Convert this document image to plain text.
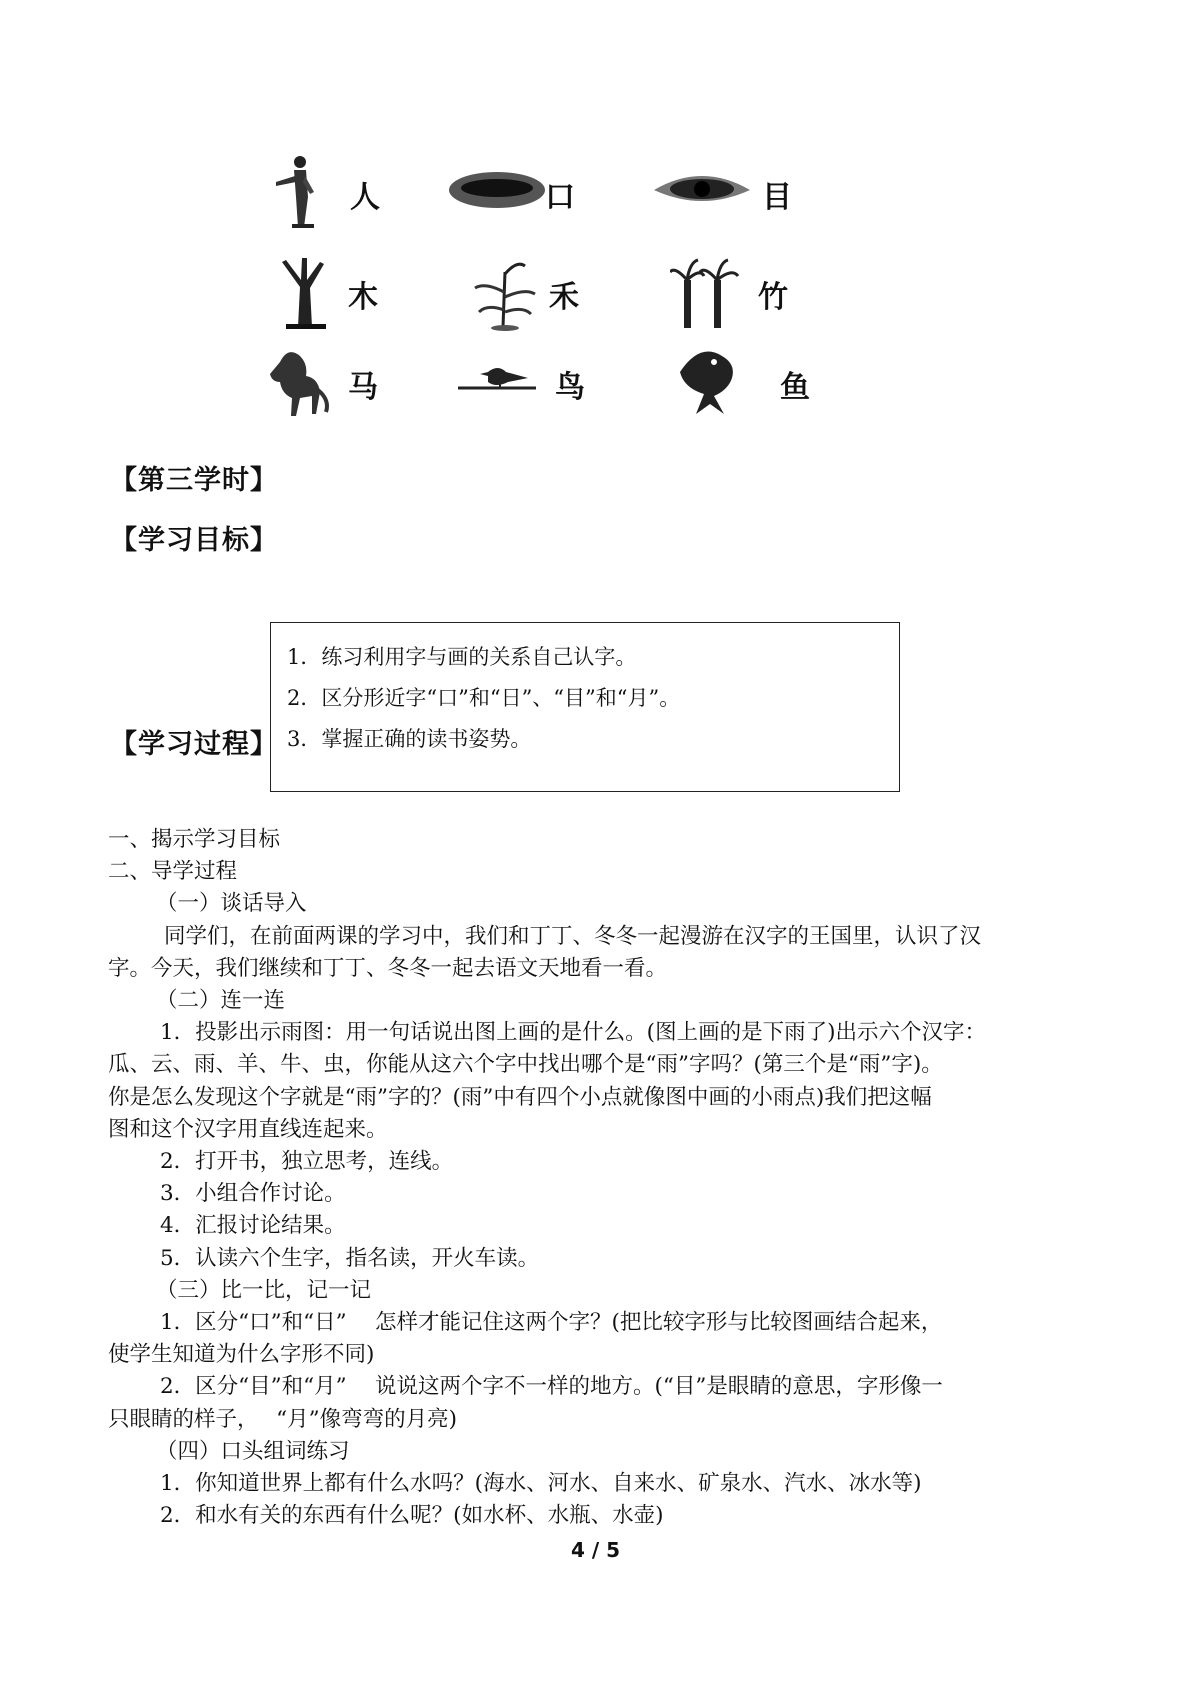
人	口	目
木	禾	竹
马	鸟	鱼
【第三学时】
【学习目标】
1．练习利用字与画的关系自己认字。
2．区分形近字“口”和“日”、“目”和“月”。
3．掌握正确的读书姿势。
【学习过程】
一、揭示学习目标
二、导学过程
（一）谈话导入
同学们，在前面两课的学习中，我们和丁丁、冬冬一起漫游在汉字的王国里，认识了汉
字。今天，我们继续和丁丁、冬冬一起去语文天地看一看。
（二）连一连
1．投影出示雨图：用一句话说出图上画的是什么。(图上画的是下雨了)出示六个汉字：
瓜、云、雨、羊、牛、虫，你能从这六个字中找出哪个是“雨”字吗？(第三个是“雨”字)。
你是怎么发现这个字就是“雨”字的？(雨”中有四个小点就像图中画的小雨点)我们把这幅
图和这个汉字用直线连起来。
2．打开书，独立思考，连线。
3．小组合作讨论。
4．汇报讨论结果。
5．认读六个生字，指名读，开火车读。
（三）比一比，记一记
1．区分“口”和“日”　 怎样才能记住这两个字？(把比较字形与比较图画结合起来，
使学生知道为什么字形不同)
2．区分“目”和“月”　 说说这两个字不一样的地方。(“目”是眼睛的意思，字形像一
只眼睛的样子，　 “月”像弯弯的月亮)
（四）口头组词练习
1．你知道世界上都有什么水吗？(海水、河水、自来水、矿泉水、汽水、冰水等)
2．和水有关的东西有什么呢？(如水杯、水瓶、水壶)
4 / 5
